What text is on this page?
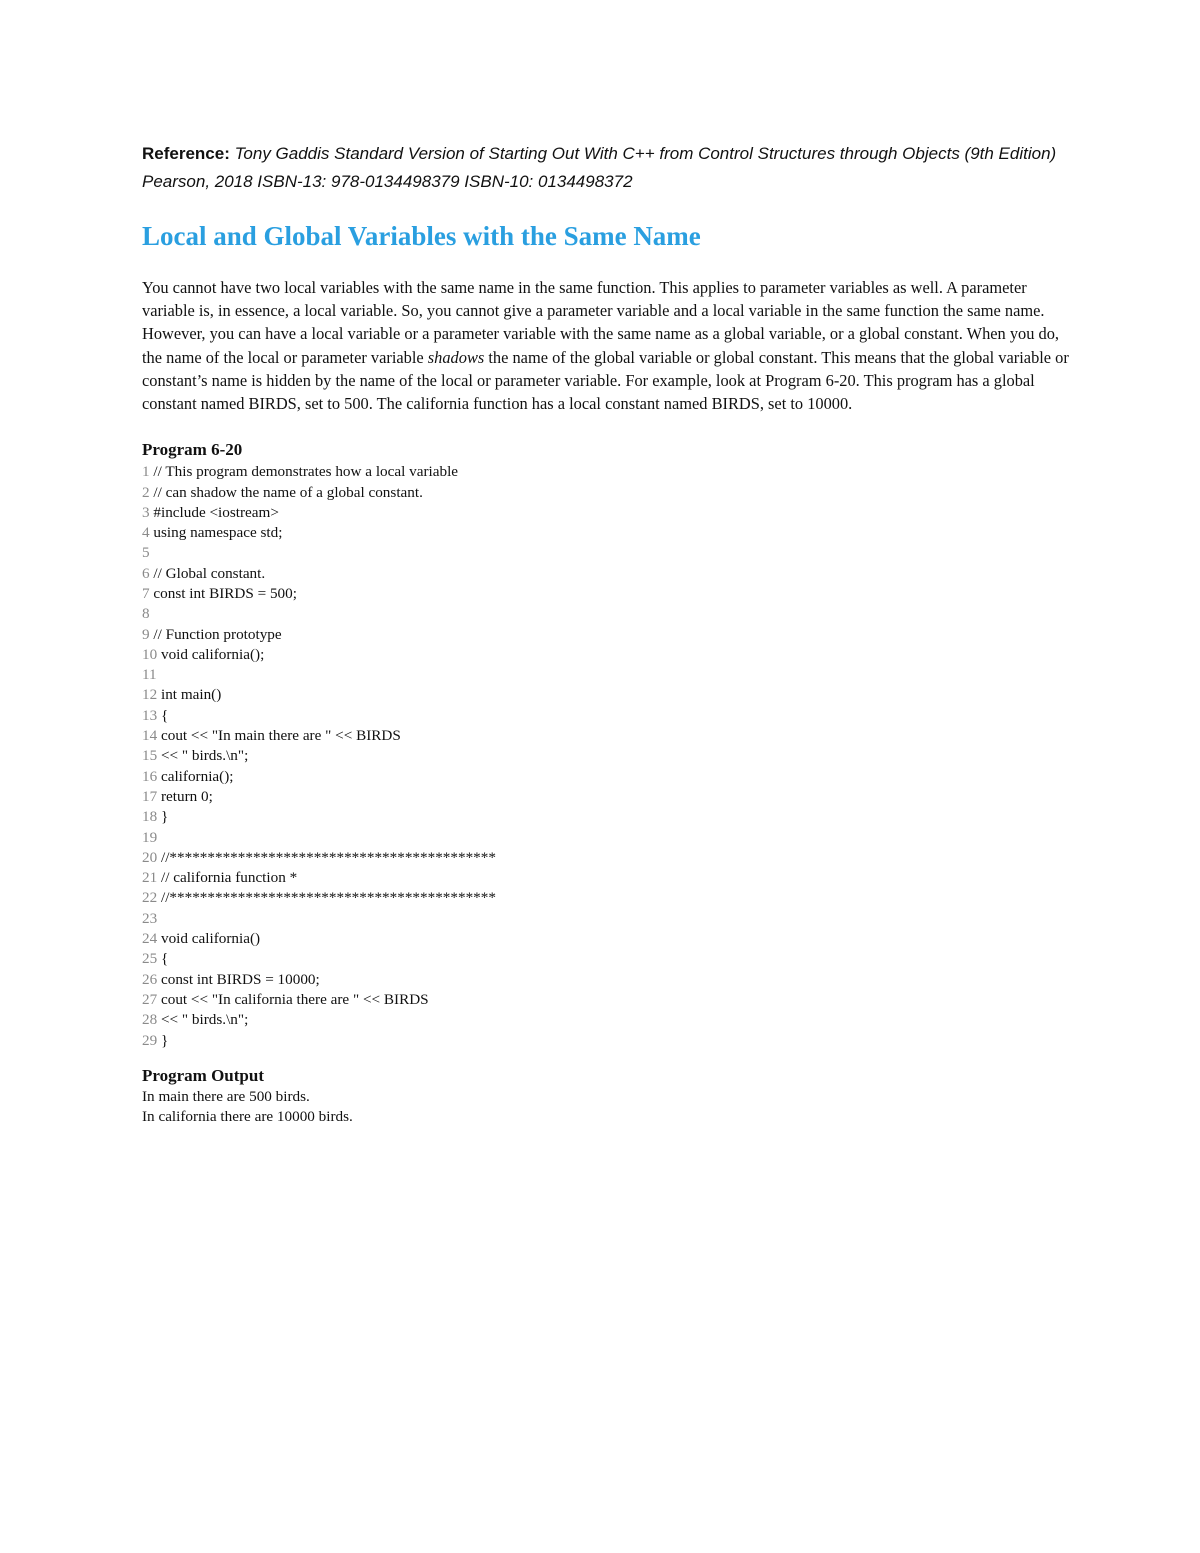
Reference: Tony Gaddis Standard Version of Starting Out With C++ from Control Structures through Objects (9th Edition) Pearson, 2018 ISBN-13: 978-0134498379 ISBN-10: 0134498372

Local and Global Variables with the Same Name

You cannot have two local variables with the same name in the same function. This applies to parameter variables as well. A parameter variable is, in essence, a local variable. So, you cannot give a parameter variable and a local variable in the same function the same name.

However, you can have a local variable or a parameter variable with the same name as a global variable, or a global constant. When you do, the name of the local or parameter variable shadows the name of the global variable or global constant. This means that the global variable or constant’s name is hidden by the name of the local or parameter variable. For example, look at Program 6-20. This program has a global constant named BIRDS, set to 500. The california function has a local constant named BIRDS, set to 10000.

Program 6-20
1 // This program demonstrates how a local variable
2 // can shadow the name of a global constant.
3 #include <iostream>
4 using namespace std;
5
6 // Global constant.
7 const int BIRDS = 500;
8
9 // Function prototype
10 void california();
11
12 int main()
13 {
14 cout << "In main there are " << BIRDS
15 << " birds.\n";
16 california();
17 return 0;
18 }
19
20 //*******************************************
21 // california function *
22 //*******************************************
23
24 void california()
25 {
26 const int BIRDS = 10000;
27 cout << "In california there are " << BIRDS
28 << " birds.\n";
29 }
Program Output
In main there are 500 birds.
In california there are 10000 birds.
